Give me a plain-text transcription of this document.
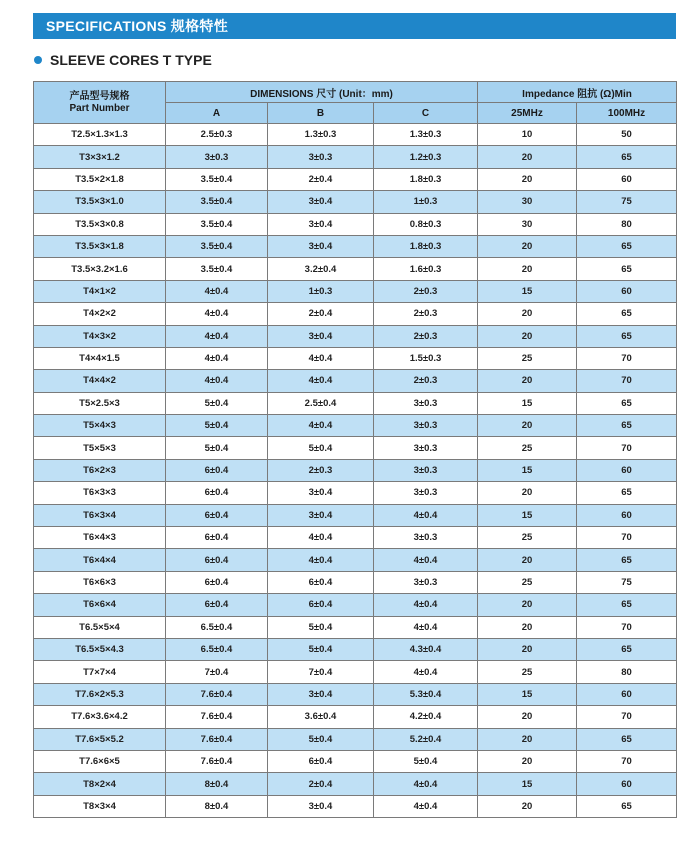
SPECIFICATIONS 规格特性
SLEEVE CORES T TYPE
产品型号规格
Part Number	DIMENSIONS 尺寸 (Unit：mm)			Impedance 阻抗 (Ω)Min	
	A	B	C	25MHz	100MHz
T2.5×1.3×1.3	2.5±0.3	1.3±0.3	1.3±0.3	10	50
T3×3×1.2	3±0.3	3±0.3	1.2±0.3	20	65
T3.5×2×1.8	3.5±0.4	2±0.4	1.8±0.3	20	60
T3.5×3×1.0	3.5±0.4	3±0.4	1±0.3	30	75
T3.5×3×0.8	3.5±0.4	3±0.4	0.8±0.3	30	80
T3.5×3×1.8	3.5±0.4	3±0.4	1.8±0.3	20	65
T3.5×3.2×1.6	3.5±0.4	3.2±0.4	1.6±0.3	20	65
T4×1×2	4±0.4	1±0.3	2±0.3	15	60
T4×2×2	4±0.4	2±0.4	2±0.3	20	65
T4×3×2	4±0.4	3±0.4	2±0.3	20	65
T4×4×1.5	4±0.4	4±0.4	1.5±0.3	25	70
T4×4×2	4±0.4	4±0.4	2±0.3	20	70
T5×2.5×3	5±0.4	2.5±0.4	3±0.3	15	65
T5×4×3	5±0.4	4±0.4	3±0.3	20	65
T5×5×3	5±0.4	5±0.4	3±0.3	25	70
T6×2×3	6±0.4	2±0.3	3±0.3	15	60
T6×3×3	6±0.4	3±0.4	3±0.3	20	65
T6×3×4	6±0.4	3±0.4	4±0.4	15	60
T6×4×3	6±0.4	4±0.4	3±0.3	25	70
T6×4×4	6±0.4	4±0.4	4±0.4	20	65
T6×6×3	6±0.4	6±0.4	3±0.3	25	75
T6×6×4	6±0.4	6±0.4	4±0.4	20	65
T6.5×5×4	6.5±0.4	5±0.4	4±0.4	20	70
T6.5×5×4.3	6.5±0.4	5±0.4	4.3±0.4	20	65
T7×7×4	7±0.4	7±0.4	4±0.4	25	80
T7.6×2×5.3	7.6±0.4	3±0.4	5.3±0.4	15	60
T7.6×3.6×4.2	7.6±0.4	3.6±0.4	4.2±0.4	20	70
T7.6×5×5.2	7.6±0.4	5±0.4	5.2±0.4	20	65
T7.6×6×5	7.6±0.4	6±0.4	5±0.4	20	70
T8×2×4	8±0.4	2±0.4	4±0.4	15	60
T8×3×4	8±0.4	3±0.4	4±0.4	20	65
